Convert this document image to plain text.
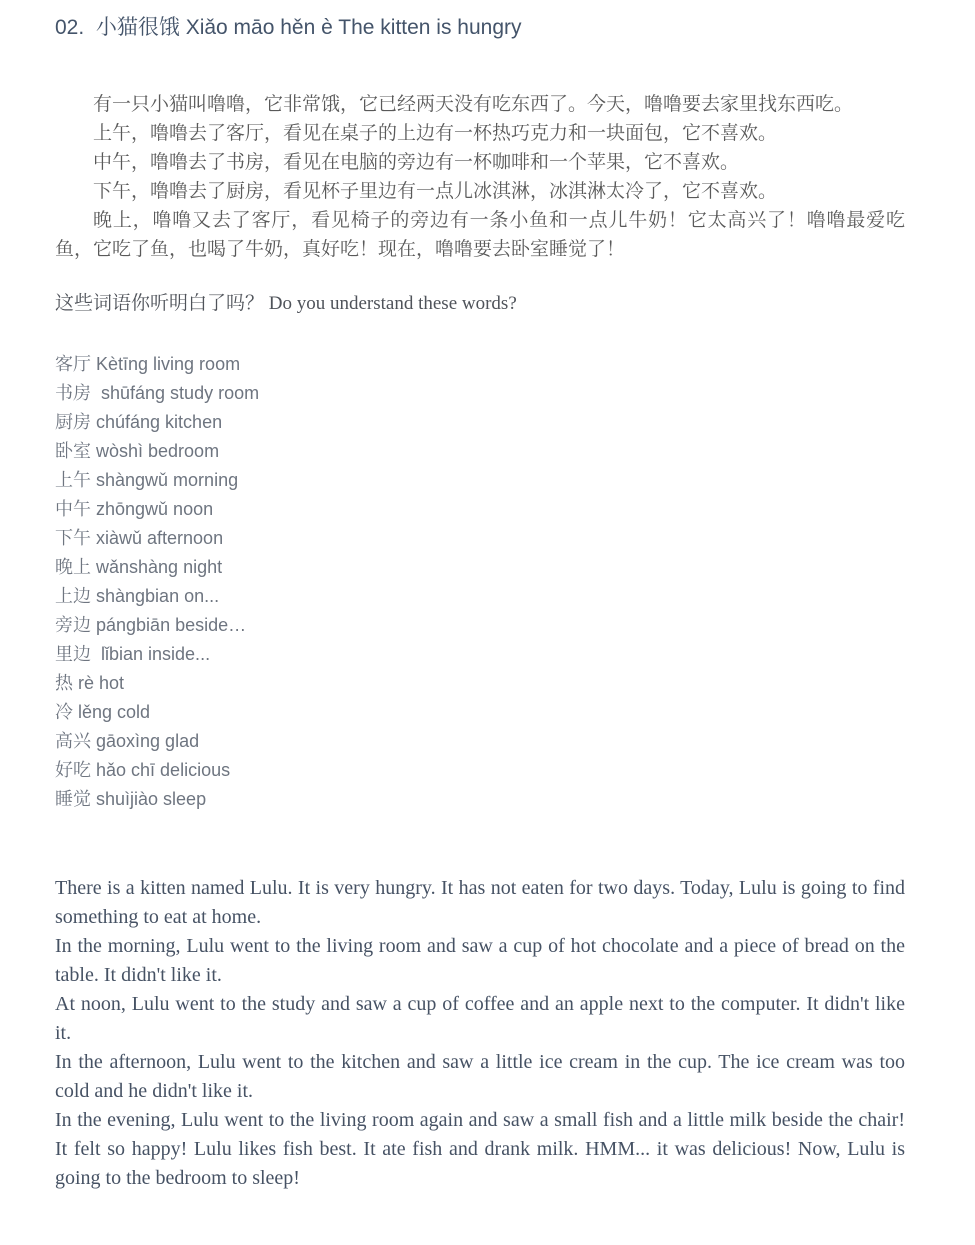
02.  小猫很饿 Xiǎo māo hěn è The kitten is hungry

有一只小猫叫噜噜，它非常饿，它已经两天没有吃东西了。今天，噜噜要去家里找东西吃。

上午，噜噜去了客厅，看见在桌子的上边有一杯热巧克力和一块面包，它不喜欢。

中午，噜噜去了书房，看见在电脑的旁边有一杯咖啡和一个苹果，它不喜欢。

下午，噜噜去了厨房，看见杯子里边有一点儿冰淇淋，冰淇淋太冷了，它不喜欢。

晚上，噜噜又去了客厅，看见椅子的旁边有一条小鱼和一点儿牛奶！它太高兴了！噜噜最爱吃鱼，它吃了鱼，也喝了牛奶，真好吃！现在，噜噜要去卧室睡觉了！

这些词语你听明白了吗？ Do you understand these words?

客厅 Kètīng living room
书房  shūfáng study room
厨房 chúfáng kitchen
卧室 wòshì bedroom
上午 shàngwǔ morning
中午 zhōngwǔ noon
下午 xiàwǔ afternoon
晚上 wǎnshàng night
上边 shàngbian on...
旁边 pángbiān beside…
里边  lǐbian inside...
热 rè hot
冷 lěng cold
高兴 gāoxìng glad
好吃 hǎo chī delicious
睡觉 shuìjiào sleep

There is a kitten named Lulu. It is very hungry. It has not eaten for two days. Today, Lulu is going to find something to eat at home.

In the morning, Lulu went to the living room and saw a cup of hot chocolate and a piece of bread on the table. It didn't like it.

At noon, Lulu went to the study and saw a cup of coffee and an apple next to the computer. It didn't like it.

In the afternoon, Lulu went to the kitchen and saw a little ice cream in the cup. The ice cream was too cold and he didn't like it.

In the evening, Lulu went to the living room again and saw a small fish and a little milk beside the chair! It felt so happy! Lulu likes fish best. It ate fish and drank milk. HMM... it was delicious! Now, Lulu is going to the bedroom to sleep!
